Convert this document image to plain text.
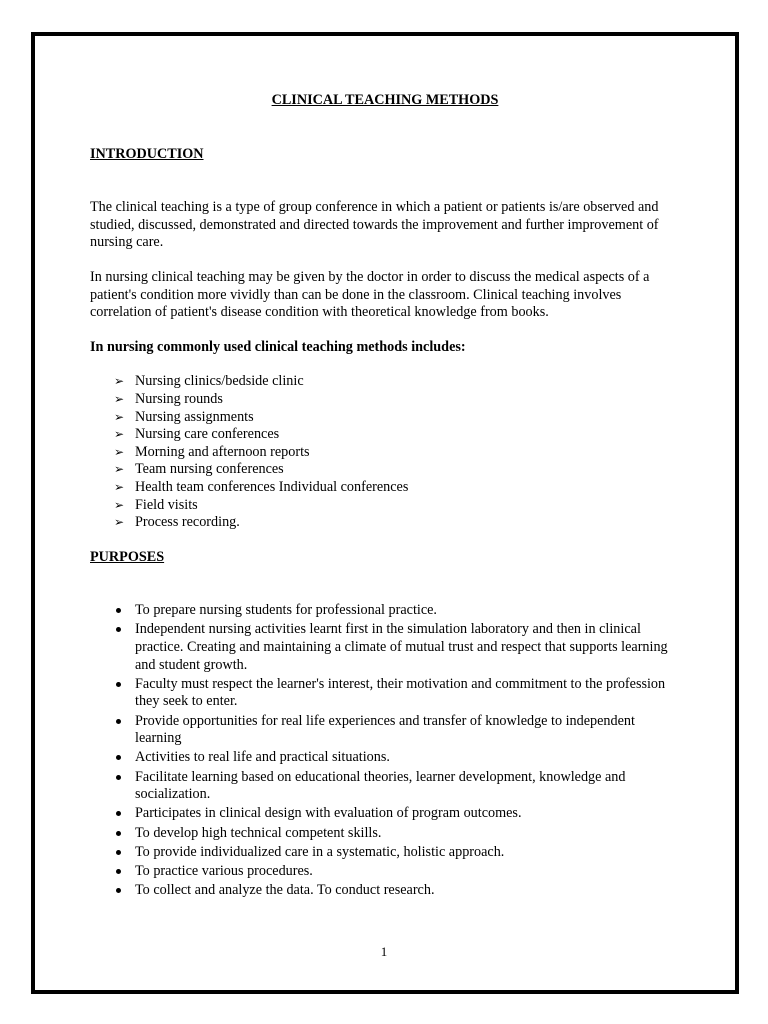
CLINICAL TEACHING METHODS
INTRODUCTION

The clinical teaching is a type of group conference in which a patient or patients is/are observed and studied, discussed, demonstrated and directed towards the improvement and further improvement of nursing care.

In nursing clinical teaching may be given by the doctor in order to discuss the medical aspects of a patient's condition more vividly than can be done in the classroom. Clinical teaching involves correlation of patient's disease condition with theoretical knowledge from books.

In nursing commonly used clinical teaching methods includes:

➢ Nursing clinics/bedside clinic
➢ Nursing rounds
➢ Nursing assignments
➢ Nursing care conferences
➢ Morning and afternoon reports
➢ Team nursing conferences
➢ Health team conferences Individual conferences
➢ Field visits
➢ Process recording.
PURPOSES
To prepare nursing students for professional practice.
Independent nursing activities learnt first in the simulation laboratory and then in clinical practice. Creating and maintaining a climate of mutual trust and respect that supports learning and student growth.
Faculty must respect the learner's interest, their motivation and commitment to the profession they seek to enter.
Provide opportunities for real life experiences and transfer of knowledge to independent learning
Activities to real life and practical situations.
Facilitate learning based on educational theories, learner development, knowledge and socialization.
Participates in clinical design with evaluation of program outcomes.
To develop high technical competent skills.
To provide individualized care in a systematic, holistic approach.
To practice various procedures.
To collect and analyze the data. To conduct research.
1
